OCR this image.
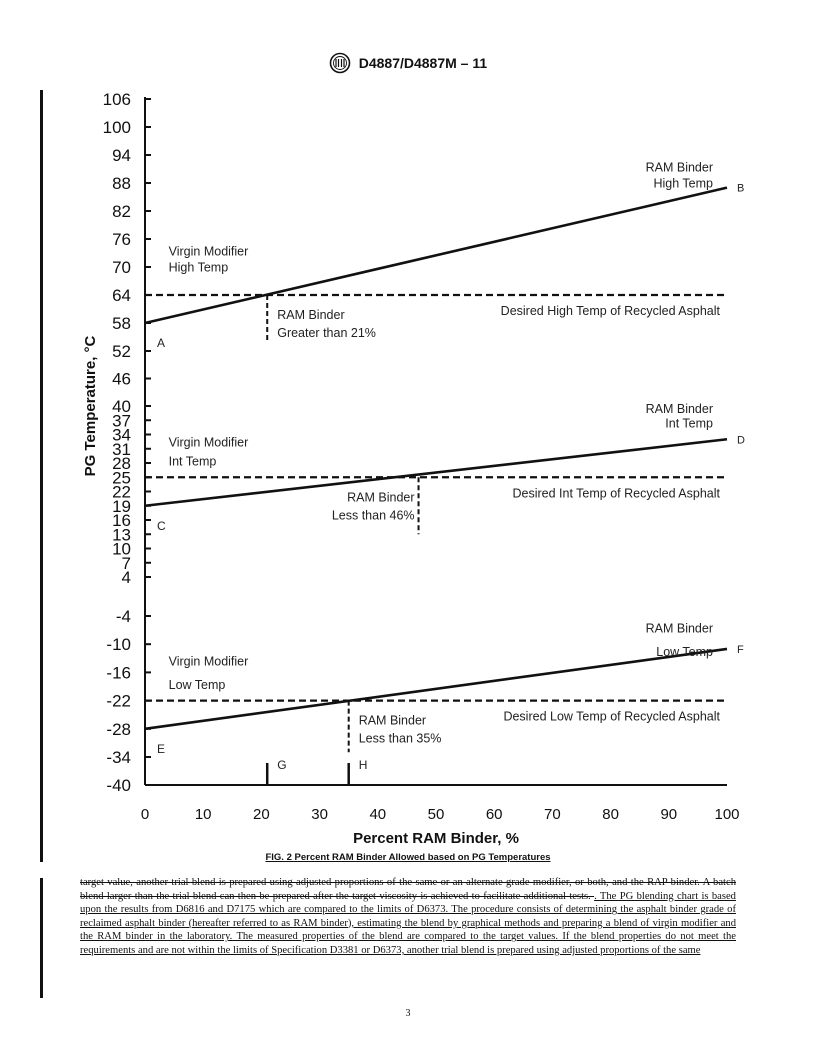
D4887/D4887M – 11
106
100
94
88
82
76
70
64
58
52
46
40
37
34
31
28
25
22
19
16
13
10
7
4
-4
-10
-16
-22
-28
-34
-40
0	10	20	30	40	50	60	70	80	90 100
Percent RAM Binder, %
PG Temperature, °C
Desired High Temp of Recycled Asphalt
Desired Int Temp of Recycled Asphalt
Desired Low Temp of Recycled Asphalt
A
B
C
D
E
F
RAM Binder
Greater than 21%
RAM Binder
Less than 46%
RAM Binder
Less than 35%
G	H
Virgin Modifier
High Temp
RAM Binder
High Temp
Virgin Modifier
Int Temp
RAM Binder
Int Temp
Virgin Modifier
Low Temp
RAM Binder
Low Temp
FIG. 2 Percent RAM Binder Allowed based on PG Temperatures
target value, another trial blend is prepared using adjusted proportions of the same or an alternate grade modifier, or both, and the RAP binder. A batch blend larger than the trial blend can then be prepared after the target viscosity is achieved to facilitate additional tests. . The PG blending chart is based upon the results from D6816 and D7175 which are compared to the limits of D6373. The procedure consists of determining the asphalt binder grade of reclaimed asphalt binder (hereafter referred to as RAM binder), estimating the blend by graphical methods and preparing a blend of virgin modifier and the RAM binder in the laboratory. The measured properties of the blend are compared to the target values. If the blend properties do not meet the requirements and are not within the limits of Specification D3381 or D6373, another trial blend is prepared using adjusted proportions of the same
3
